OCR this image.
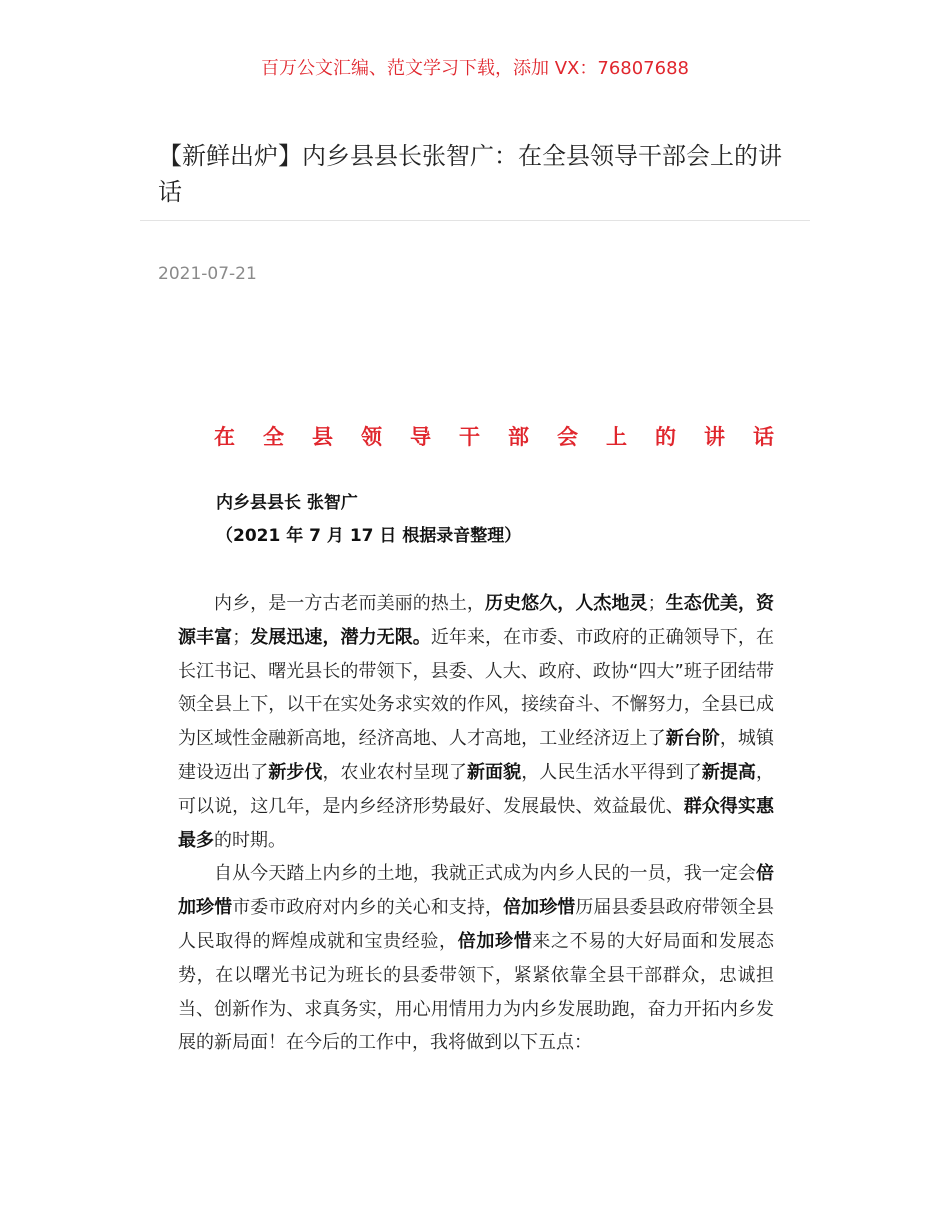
百万公文汇编、范文学习下载，添加 VX：76807688
【新鲜出炉】内乡县县长张智广：在全县领导干部会上的讲话
2021-07-21
在 全 县 领 导 干 部 会 上 的 讲 话
内乡县县长 张智广
（2021 年 7 月 17 日 根据录音整理）

内乡，是一方古老而美丽的热土，历史悠久，人杰地灵；生态优美，资源丰富；发展迅速，潜力无限。近年来，在市委、市政府的正确领导下，在长江书记、曙光县长的带领下，县委、人大、政府、政协“四大”班子团结带领全县上下，以干在实处务求实效的作风，接续奋斗、不懈努力，全县已成为区域性金融新高地，经济高地、人才高地，工业经济迈上了新台阶，城镇建设迈出了新步伐，农业农村呈现了新面貌，人民生活水平得到了新提高，可以说，这几年，是内乡经济形势最好、发展最快、效益最优、群众得实惠最多的时期。

自从今天踏上内乡的土地，我就正式成为内乡人民的一员，我一定会倍加珍惜市委市政府对内乡的关心和支持，倍加珍惜历届县委县政府带领全县人民取得的辉煌成就和宝贵经验，倍加珍惜来之不易的大好局面和发展态势，在以曙光书记为班长的县委带领下，紧紧依靠全县干部群众，忠诚担当、创新作为、求真务实，用心用情用力为内乡发展助跑，奋力开拓内乡发展的新局面！在今后的工作中，我将做到以下五点：
